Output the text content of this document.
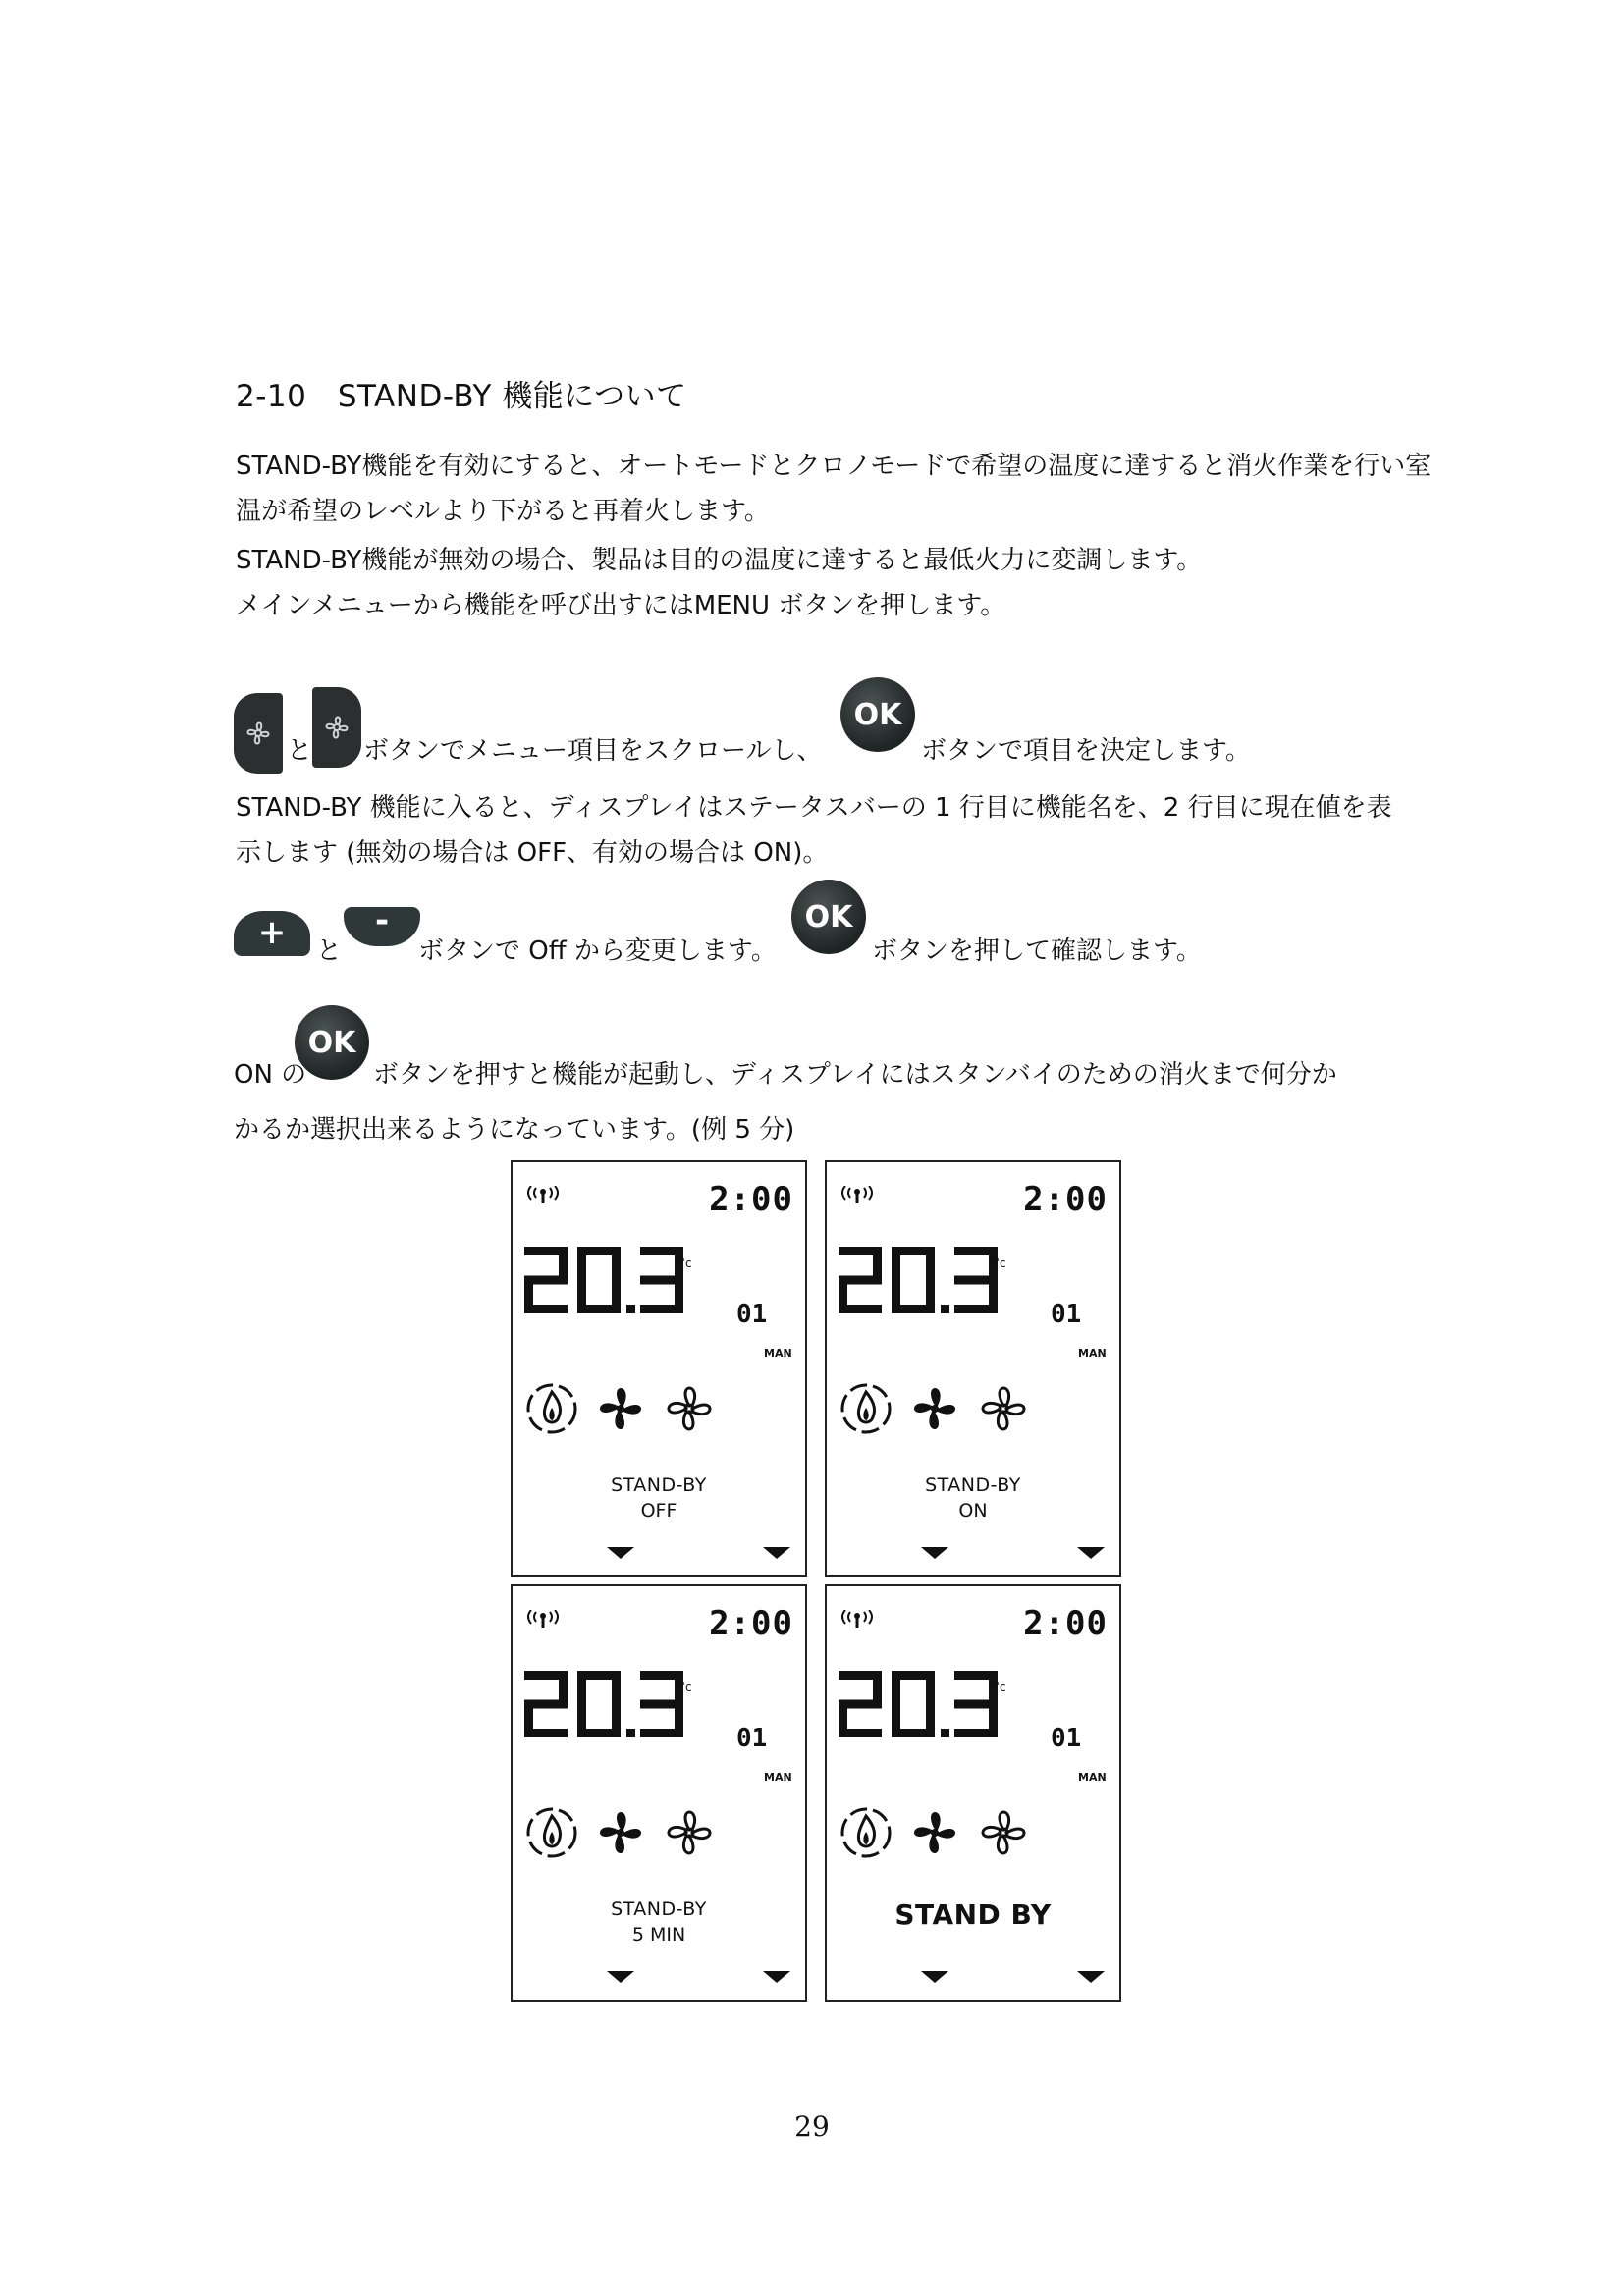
2-10　STAND-BY 機能について
STAND-BY機能を有効にすると、オートモードとクロノモードで希望の温度に達すると消火作業を行い室
温が希望のレベルより下がると再着火します。
STAND-BY機能が無効の場合、製品は目的の温度に達すると最低火力に変調します。
メインメニューから機能を呼び出すにはMENU ボタンを押します。
と ボタンでメニュー項目をスクロールし、
OK
ボタンで項目を決定します。
STAND-BY 機能に入ると、ディスプレイはステータスバーの 1 行目に機能名を、2 行目に現在値を表
示します (無効の場合は OFF、有効の場合は ON)。
+	と
-
ボタンで Off から変更します。
OK
ボタンを押して確認します。
ON の
OK
ボタンを押すと機能が起動し、ディスプレイにはスタンバイのための消火まで何分か
かるか選択出来るようになっています。(例 5 分)
2:00
°c
01
MAN
STAND-BY
OFF
2:00
°c
01
MAN
STAND-BY
ON
2:00
°c
01
MAN
STAND-BY
5 MIN
2:00
°c
01
MAN
STAND BY
29
